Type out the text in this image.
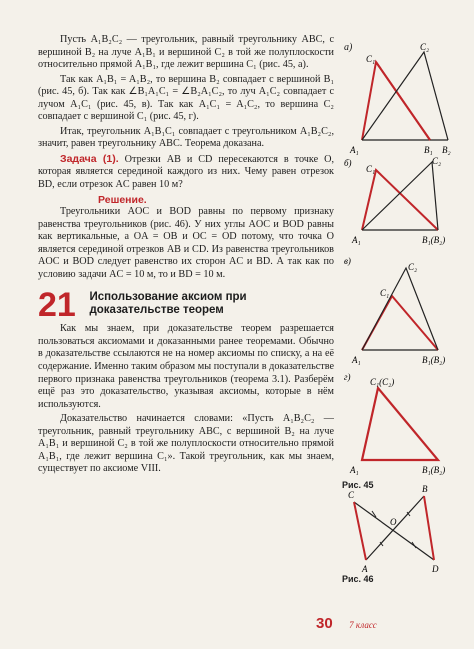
Пусть A₁B₂C₂ — треугольник, равный треугольнику ABC, с вершиной B₂ на луче A₁B₁ и вершиной C₂ в той же полуплоскости относительно прямой A₁B₁, где лежит вершина C₁ (рис. 45, а).

Так как A₁B₁ = A₁B₂, то вершина B₂ совпадает с вершиной B₁ (рис. 45, б). Так как ∠B₁A₁C₁ = ∠B₂A₁C₂, то луч A₁C₂ совпадает с лучом A₁C₁ (рис. 45, в). Так как A₁C₁ = A₁C₂, то вершина C₂ совпадает с вершиной C₁ (рис. 45, г).

Итак, треугольник A₁B₁C₁ совпадает с треугольником A₁B₂C₂, значит, равен треугольнику ABC. Теорема доказана.

Задача (1). Отрезки AB и CD пересекаются в точке O, которая является серединой каждого из них. Чему равен отрезок BD, если отрезок AC равен 10 м?

Решение.

Треугольники AOC и BOD равны по первому признаку равенства треугольников (рис. 46). У них углы AOC и BOD равны как вертикальные, а OA = OB и OC = OD потому, что точка O является серединой отрезков AB и CD. Из равенства треугольников AOC и BOD следует равенство их сторон AC и BD. А так как по условию задачи AC = 10 м, то и BD = 10 м.

21	Использование аксиом при доказательстве теорем

Как мы знаем, при доказательстве теорем разрешается пользоваться аксиомами и доказанными ранее теоремами. Обычно в доказательстве ссылаются не на номер аксиомы по списку, а на её содержание. Именно таким образом мы поступали в доказательстве первого признака равенства треугольников (теорема 3.1). Разберём ещё раз это доказательство, указывая аксиомы, которые в нём используются.

Доказательство начинается словами: «Пусть A₁B₂C₂ — треугольник, равный треугольнику ABC, с вершиной B₂ на луче A₁B₁ и вершиной C₂ в той же полуплоскости относительно прямой A₁B₁, где лежит вершина C₁». Такой треугольник, как мы знаем, существует по аксиоме VIII.

а)	C₂
C₁
A₁	B₁ B₂
б)	C₂
C₁
A₁	B₁(B₂)
в)
C₂
C₁
A₁	B₁(B₂)
г) C₁(C₂)
A₁	B₁(B₂)
C
B
O
A	D
Рис. 45
Рис. 46
30 7 класс
